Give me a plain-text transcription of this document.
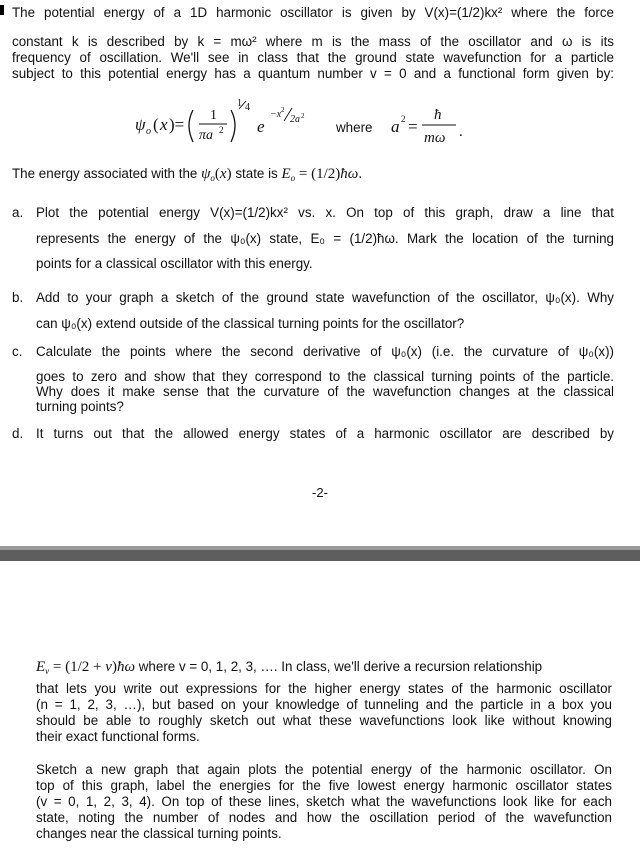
The potential energy of a 1D harmonic oscillator is given by V(x)=(1/2)kx² where the force
constant k is described by k = mω² where m is the mass of the oscillator and ω is its
frequency of oscillation. We'll see in class that the ground state wavefunction for a particle
subject to this potential energy has a quantum number v = 0 and a functional form given by:
ψ o ( x )= 1
πa 2
1 4
e
−x 2
2a 2
where a 2 =
ħ
mω .
The energy associated with the $\psi_o(x)$ state is $E_o$ = (1/2)ħω.
a. Plot the potential energy V(x)=(1/2)kx² vs. x. On top of this graph, draw a line that
represents the energy of the ψ₀(x) state, E₀ = (1/2)ħω. Mark the location of the turning
points for a classical oscillator with this energy.
b. Add to your graph a sketch of the ground state wavefunction of the oscillator, ψ₀(x). Why
can ψ₀(x) extend outside of the classical turning points for the oscillator?
c.	Calculate the points where the second derivative of ψ₀(x) (i.e. the curvature of ψ₀(x))
goes to zero and show that they correspond to the classical turning points of the particle.
Why does it make sense that the curvature of the wavefunction changes at the classical
turning points?
d. It turns out that the allowed energy states of a harmonic oscillator are described by
-2-
$E_v = (1/2$ + v)ħω where v = 0, 1, 2, 3, …. In class, we'll derive a recursion relationship
that lets you write out expressions for the higher energy states of the harmonic oscillator
(n = 1, 2, 3, …), but based on your knowledge of tunneling and the particle in a box you
should be able to roughly sketch out what these wavefunctions look like without knowing
their exact functional forms.
Sketch a new graph that again plots the potential energy of the harmonic oscillator. On
top of this graph, label the energies for the five lowest energy harmonic oscillator states
(v = 0, 1, 2, 3, 4). On top of these lines, sketch what the wavefunctions look like for each
state, noting the number of nodes and how the oscillation period of the wavefunction
changes near the classical turning points.
